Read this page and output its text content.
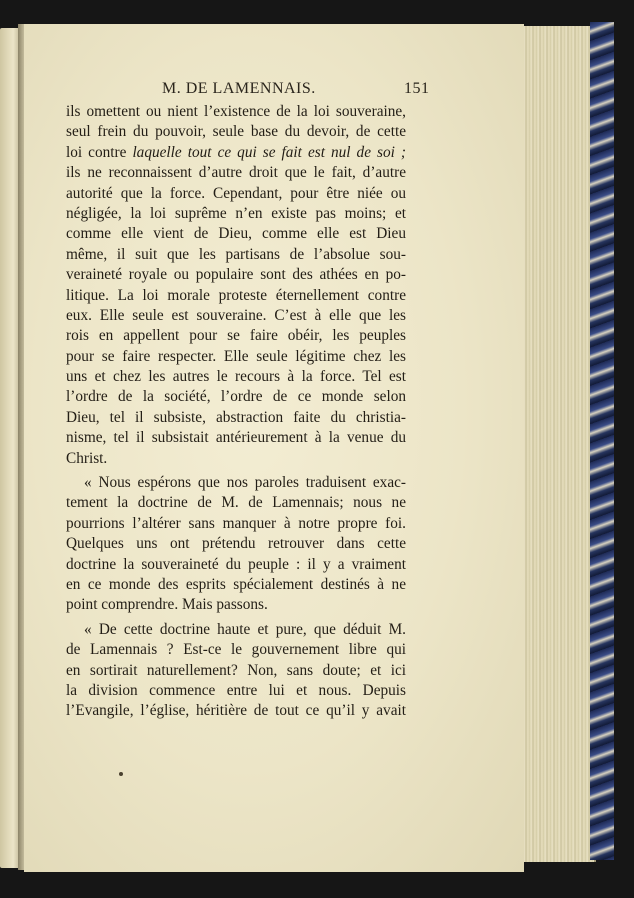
M. DE LAMENNAIS.	151
ils omettent ou nient l’existence de la loi souveraine,
seul frein du pouvoir, seule base du devoir, de cette
loi contre laquelle tout ce qui se fait est nul de soi ;
ils ne reconnaissent d’autre droit que le fait, d’autre
autorité que la force. Cependant, pour être niée ou
négligée, la loi suprême n’en existe pas moins; et
comme elle vient de Dieu, comme elle est Dieu
même, il suit que les partisans de l’absolue sou-
veraineté royale ou populaire sont des athées en po-
litique. La loi morale proteste éternellement contre
eux. Elle seule est souveraine. C’est à elle que les
rois en appellent pour se faire obéir, les peuples
pour se faire respecter. Elle seule légitime chez les
uns et chez les autres le recours à la force. Tel est
l’ordre de la société, l’ordre de ce monde selon
Dieu, tel il subsiste, abstraction faite du christia-
nisme, tel il subsistait antérieurement à la venue du
Christ.
« Nous espérons que nos paroles traduisent exac-
tement la doctrine de M. de Lamennais; nous ne
pourrions l’altérer sans manquer à notre propre foi.
Quelques uns ont prétendu retrouver dans cette
doctrine la souveraineté du peuple : il y a vraiment
en ce monde des esprits spécialement destinés à ne
point comprendre. Mais passons.
« De cette doctrine haute et pure, que déduit M.
de Lamennais ? Est-ce le gouvernement libre qui
en sortirait naturellement? Non, sans doute; et ici
la division commence entre lui et nous. Depuis
l’Evangile, l’église, héritière de tout ce qu’il y avait
